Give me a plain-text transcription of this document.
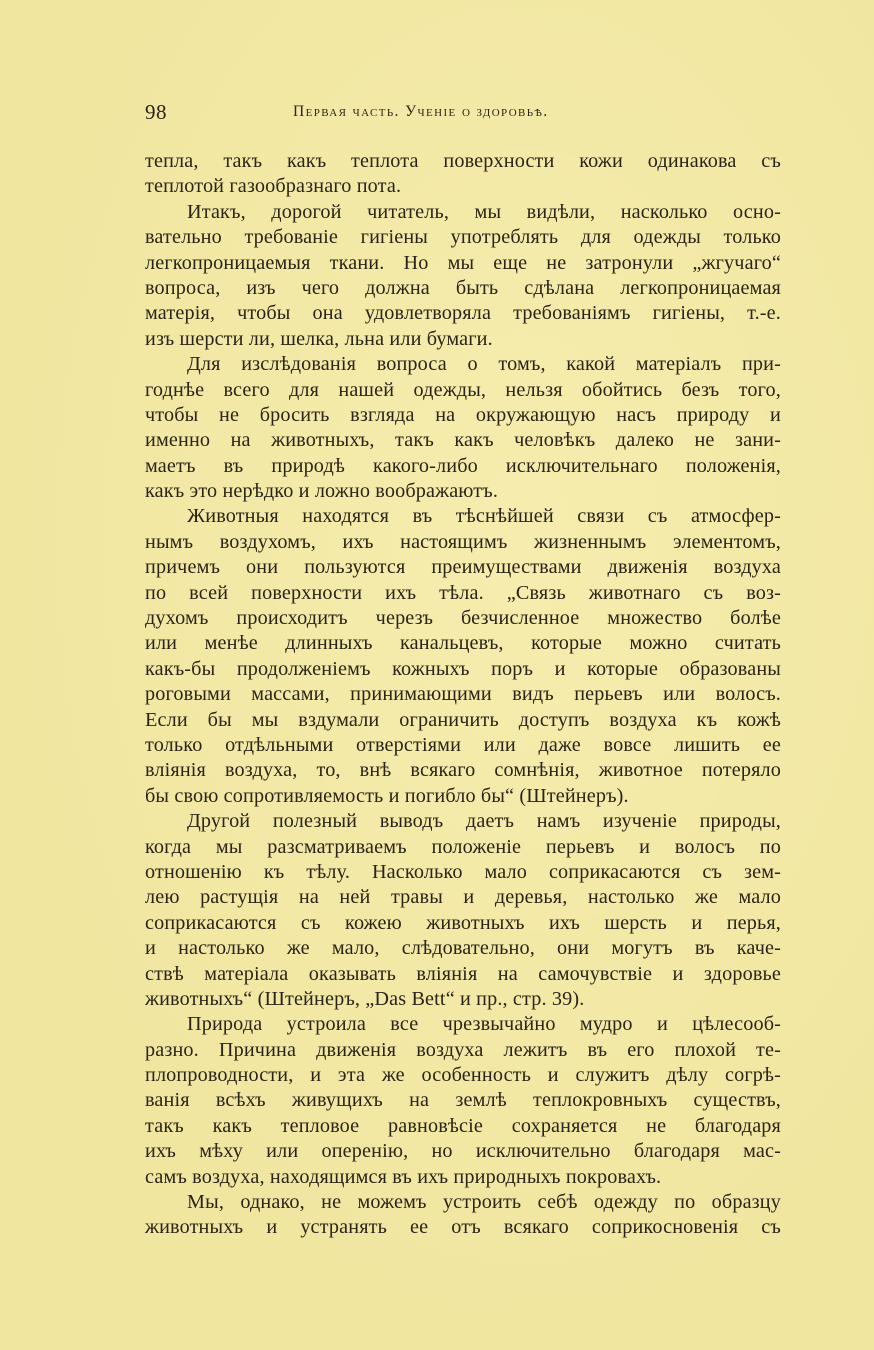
98	Первая часть. Ученіе о здоровьѣ.
тепла, такъ какъ теплота поверхности кожи одинакова съ
теплотой газообразнаго пота.
Итакъ, дорогой читатель, мы видѣли, насколько осно-
вательно требованіе гигіены употреблять для одежды только
легкопроницаемыя ткани. Но мы еще не затронули „жгучаго“
вопроса, изъ чего должна быть сдѣлана легкопроницаемая
матерія, чтобы она удовлетворяла требованіямъ гигіены, т.-е.
изъ шерсти ли, шелка, льна или бумаги.
Для изслѣдованія вопроса о томъ, какой матеріалъ при-
годнѣе всего для нашей одежды, нельзя обойтись безъ того,
чтобы не бросить взгляда на окружающую насъ природу и
именно на животныхъ, такъ какъ человѣкъ далеко не зани-
маетъ въ природѣ какого-либо исключительнаго положенія,
какъ это нерѣдко и ложно воображаютъ.
Животныя находятся въ тѣснѣйшей связи съ атмосфер-
нымъ воздухомъ, ихъ настоящимъ жизненнымъ элементомъ,
причемъ они пользуются преимуществами движенія воздуха
по всей поверхности ихъ тѣла. „Связь животнаго съ воз-
духомъ происходитъ черезъ безчисленное множество болѣе
или менѣе длинныхъ канальцевъ, которые можно считать
какъ-бы продолженіемъ кожныхъ поръ и которые образованы
роговыми массами, принимающими видъ перьевъ или волосъ.
Если бы мы вздумали ограничить доступъ воздуха къ кожѣ
только отдѣльными отверстіями или даже вовсе лишить ее
вліянія воздуха, то, внѣ всякаго сомнѣнія, животное потеряло
бы свою сопротивляемость и погибло бы“ (Штейнеръ).
Другой полезный выводъ даетъ намъ изученіе природы,
когда мы разсматриваемъ положеніе перьевъ и волосъ по
отношенію къ тѣлу. Насколько мало соприкасаются съ зем-
лею растущія на ней травы и деревья, настолько же мало
соприкасаются съ кожею животныхъ ихъ шерсть и перья,
и настолько же мало, слѣдовательно, они могутъ въ каче-
ствѣ матеріала оказывать вліянія на самочувствіе и здоровье
животныхъ“ (Штейнеръ, „Das Bett“ и пр., стр. 39).
Природа устроила все чрезвычайно мудро и цѣлесооб-
разно. Причина движенія воздуха лежитъ въ его плохой те-
плопроводности, и эта же особенность и служитъ дѣлу согрѣ-
ванія всѣхъ живущихъ на землѣ теплокровныхъ существъ,
такъ какъ тепловое равновѣсіе сохраняется не благодаря
ихъ мѣху или оперенію, но исключительно благодаря мас-
самъ воздуха, находящимся въ ихъ природныхъ покровахъ.
Мы, однако, не можемъ устроить себѣ одежду по образцу
животныхъ и устранять ее отъ всякаго соприкосновенія съ
